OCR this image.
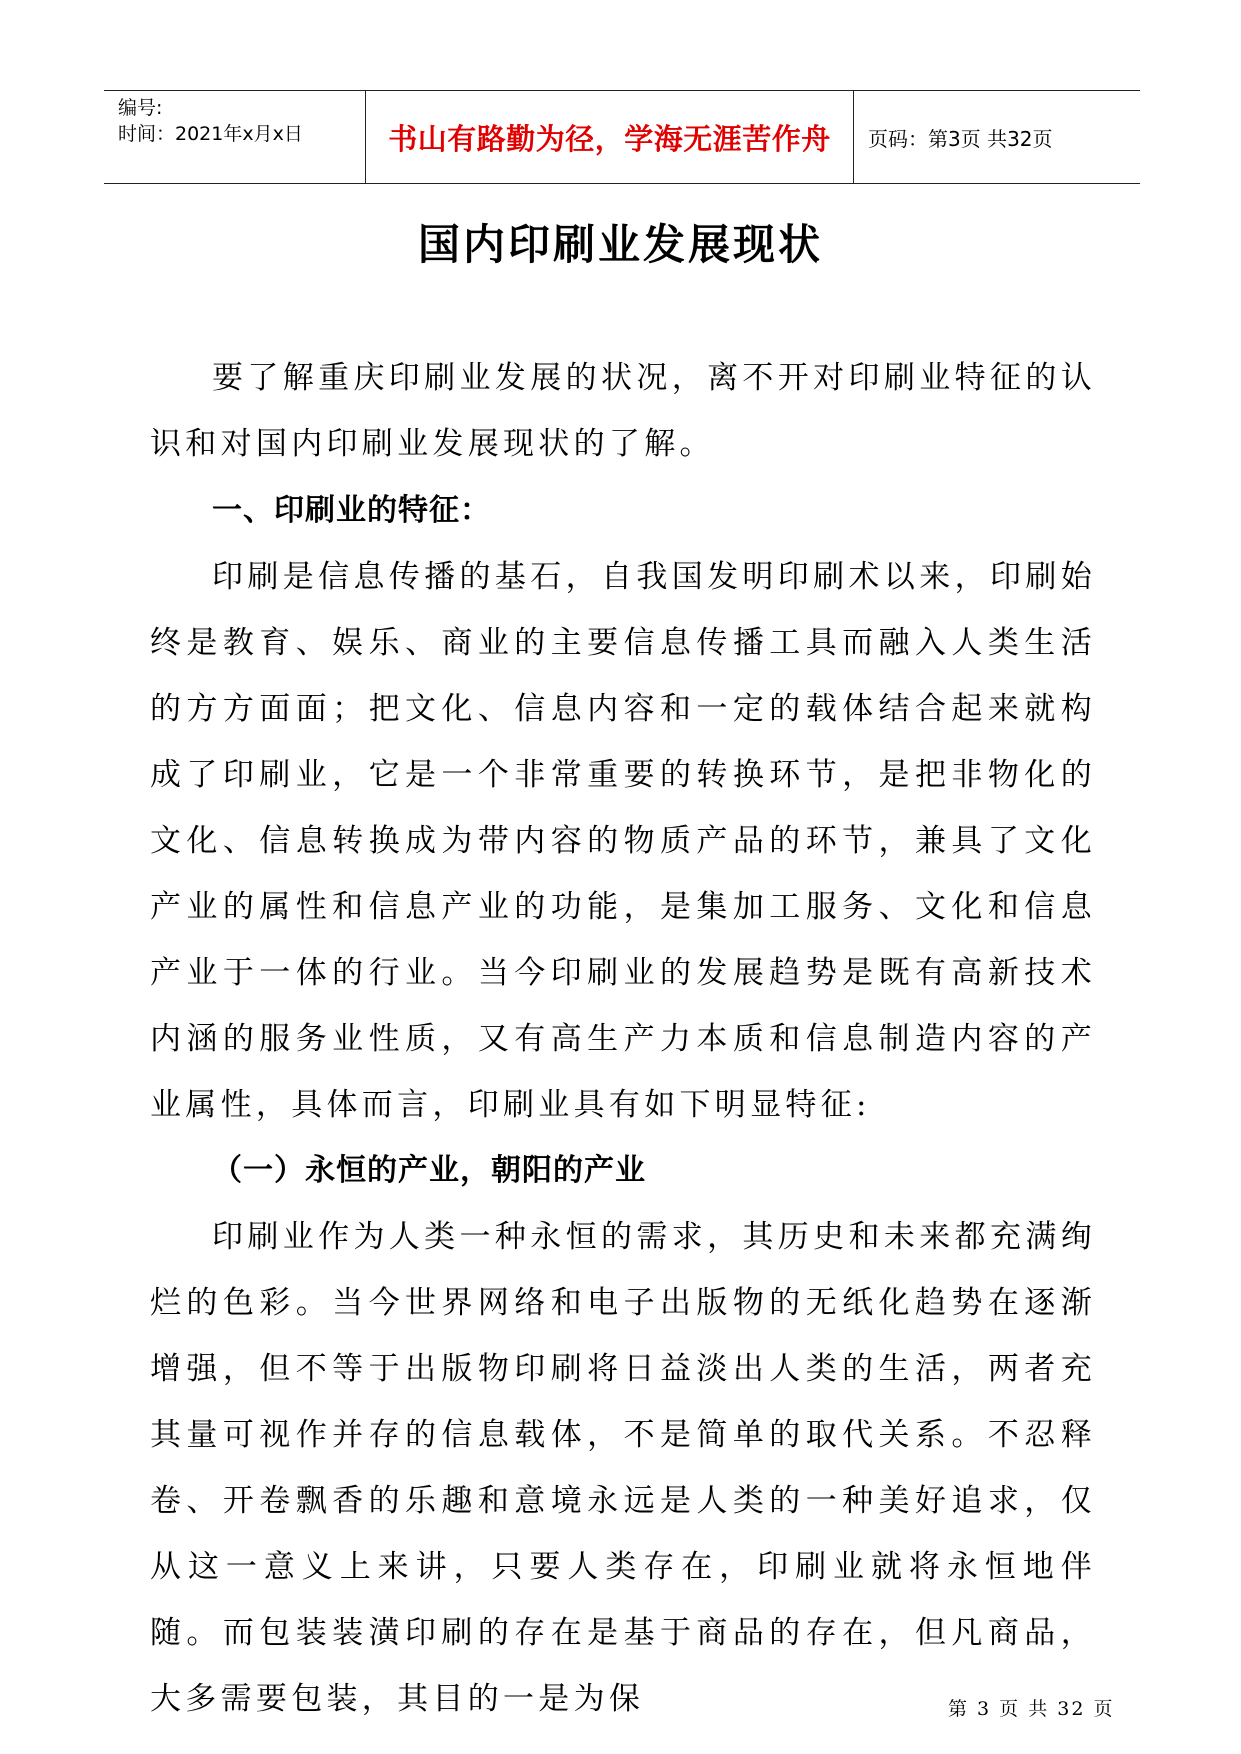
编号:
时间：2021年x月x日	书山有路勤为径，学海无涯苦作舟	页码：第3页 共32页
国内印刷业发展现状

要了解重庆印刷业发展的状况，离不开对印刷业特征的认识和对国内印刷业发展现状的了解。

一、印刷业的特征：

印刷是信息传播的基石，自我国发明印刷术以来，印刷始终是教育、娱乐、商业的主要信息传播工具而融入人类生活的方方面面；把文化、信息内容和一定的载体结合起来就构成了印刷业，它是一个非常重要的转换环节，是把非物化的文化、信息转换成为带内容的物质产品的环节，兼具了文化产业的属性和信息产业的功能，是集加工服务、文化和信息产业于一体的行业。当今印刷业的发展趋势是既有高新技术内涵的服务业性质，又有高生产力本质和信息制造内容的产业属性，具体而言，印刷业具有如下明显特征:

（一）永恒的产业，朝阳的产业

印刷业作为人类一种永恒的需求，其历史和未来都充满绚烂的色彩。当今世界网络和电子出版物的无纸化趋势在逐渐增强，但不等于出版物印刷将日益淡出人类的生活，两者充其量可视作并存的信息载体，不是简单的取代关系。不忍释卷、开卷飘香的乐趣和意境永远是人类的一种美好追求，仅从这一意义上来讲，只要人类存在，印刷业就将永恒地伴随。而包装装潢印刷的存在是基于商品的存在，但凡商品，大多需要包装，其目的一是为保	第 3 页 共 32 页
